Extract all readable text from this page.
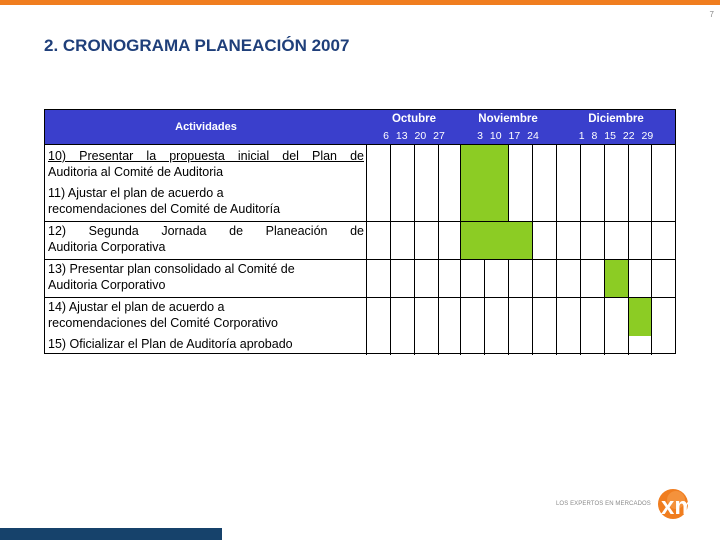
7
2. CRONOGRAMA PLANEACIÓN 2007
Actividades
Octubre
6 13 20 27
Noviembre
3 10 17 24
Diciembre
1 8 15 22 29
10) Presentar la propuesta inicial del Plan de
Auditoria al Comité de Auditoria
11) Ajustar el plan de acuerdo a
recomendaciones del Comité de Auditoría
12) Segunda Jornada de Planeación de
Auditoria Corporativa
13) Presentar plan consolidado al Comité de
Auditoria Corporativo
14) Ajustar el plan de acuerdo a
recomendaciones del Comité Corporativo
15) Oficializar el Plan de Auditoría aprobado
LOS EXPERTOS EN MERCADOS xm
